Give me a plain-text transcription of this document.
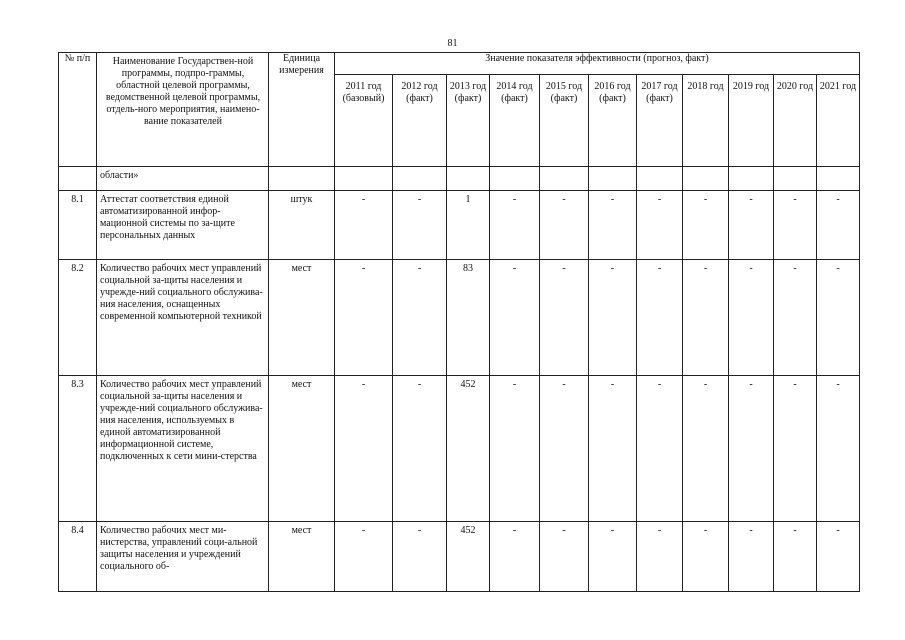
81
№ п/п	Наименование Государствен-ной программы, подпро-граммы, областной целевой программы, ведомственной целевой программы, отдель-ного мероприятия, наимено-вание показателей	Единица измерения	Значение показателя эффективности (прогноз, факт)										
			2011 год (базовый)	2012 год (факт)	2013 год (факт)	2014 год (факт)	2015 год (факт)	2016 год (факт)	2017 год (факт)	2018 год	2019 год	2020 год	2021 год
	области»												
8.1	Аттестат соответствия единой автоматизированной инфор-мационной системы по за-щите персональных данных	штук	-	-	1	-	-	-	-	-	-	-	-
8.2	Количество рабочих мест управлений социальной за-щиты населения и учрежде-ний социального обслужива-ния населения, оснащенных современной компьютерной техникой	мест	-	-	83	-	-	-	-	-	-	-	-
8.3	Количество рабочих мест управлений социальной за-щиты населения и учрежде-ний социального обслужива-ния населения, используемых в единой автоматизированной информационной системе, подключенных к сети мини-стерства	мест	-	-	452	-	-	-	-	-	-	-	-
8.4	Количество рабочих мест ми-нистерства, управлений соци-альной защиты населения и учреждений социального об-	мест	-	-	452	-	-	-	-	-	-	-	-
